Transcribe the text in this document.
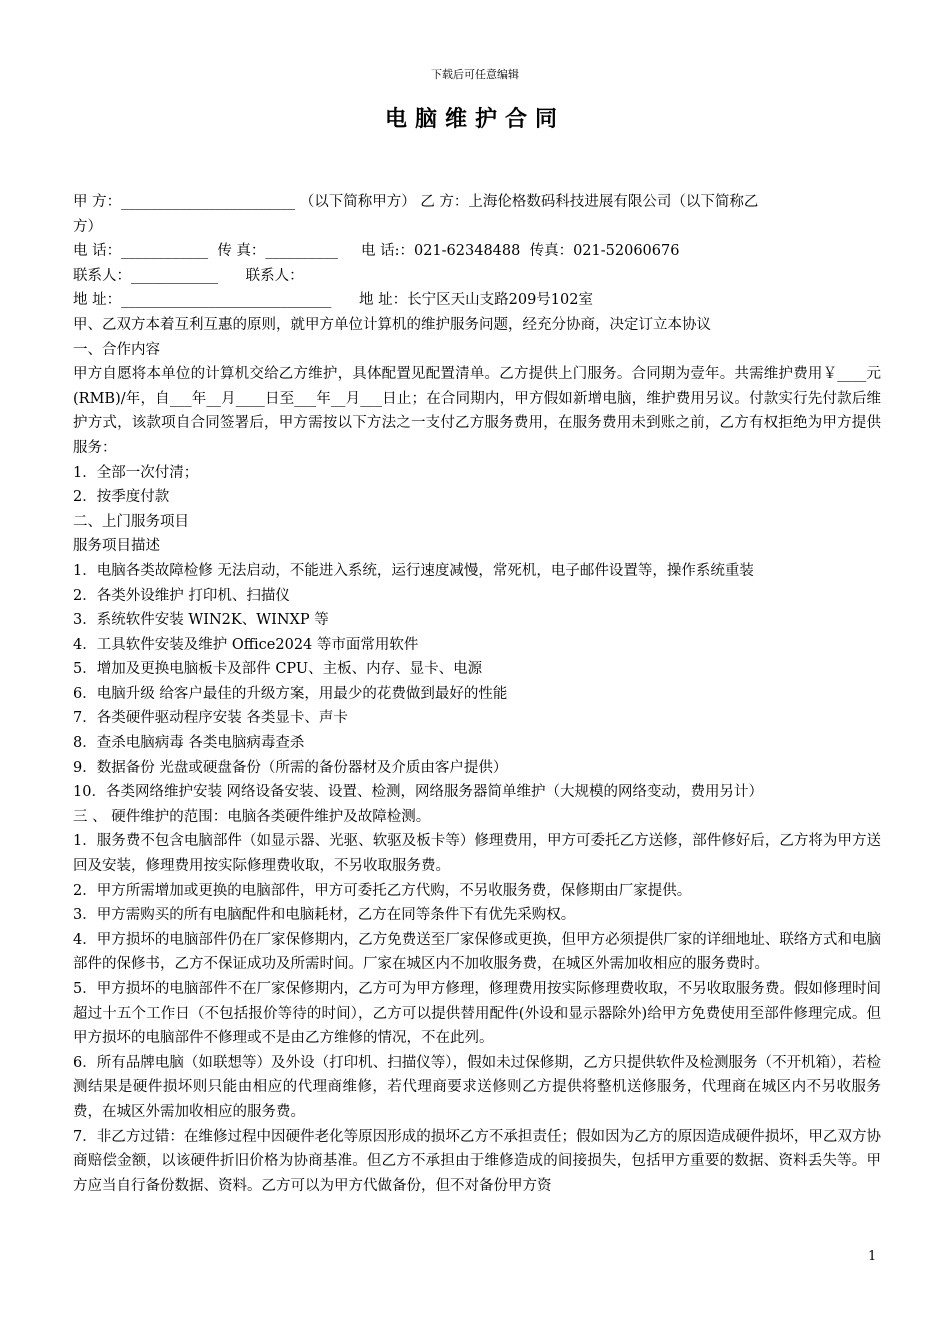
下载后可任意编辑
电脑维护合同
甲 方：________________________ （以下简称甲方） 乙 方：上海伦格数码科技进展有限公司（以下简称乙
方）
电 话：____________  传 真：__________     电 话:：021-62348488  传真：021-52060676
联系人：____________      联系人：
地 址：_____________________________      地 址：长宁区天山支路209号102室
甲、乙双方本着互利互惠的原则，就甲方单位计算机的维护服务问题，经充分协商，决定订立本协议
一、合作内容
甲方自愿将本单位的计算机交给乙方维护，具体配置见配置清单。乙方提供上门服务。合同期为壹年。共需维护费用￥____元(RMB)/年，自___年__月____日至___年__月___日止；在合同期内，甲方假如新增电脑，维护费用另议。付款实行先付款后维护方式，该款项自合同签署后，甲方需按以下方法之一支付乙方服务费用，在服务费用未到账之前，乙方有权拒绝为甲方提供服务：
1．全部一次付清；
2．按季度付款
二、上门服务项目
服务项目描述
1．电脑各类故障检修 无法启动，不能进入系统，运行速度减慢，常死机，电子邮件设置等，操作系统重装
2．各类外设维护 打印机、扫描仪
3．系统软件安装 WIN2K、WINXP 等
4．工具软件安装及维护 Office2024 等市面常用软件
5．增加及更换电脑板卡及部件 CPU、主板、内存、显卡、电源
6．电脑升级 给客户最佳的升级方案，用最少的花费做到最好的性能
7．各类硬件驱动程序安装 各类显卡、声卡
8．查杀电脑病毒 各类电脑病毒查杀
9．数据备份 光盘或硬盘备份（所需的备份器材及介质由客户提供）
10．各类网络维护安装 网络设备安装、设置、检测，网络服务器简单维护（大规模的网络变动，费用另计）
三 、 硬件维护的范围：电脑各类硬件维护及故障检测。
1．服务费不包含电脑部件（如显示器、光驱、软驱及板卡等）修理费用，甲方可委托乙方送修，部件修好后，乙方将为甲方送回及安装，修理费用按实际修理费收取，不另收取服务费。
2．甲方所需增加或更换的电脑部件，甲方可委托乙方代购，不另收服务费，保修期由厂家提供。
3．甲方需购买的所有电脑配件和电脑耗材，乙方在同等条件下有优先采购权。
4．甲方损坏的电脑部件仍在厂家保修期内，乙方免费送至厂家保修或更换，但甲方必须提供厂家的详细地址、联络方式和电脑部件的保修书，乙方不保证成功及所需时间。厂家在城区内不加收服务费，在城区外需加收相应的服务费时。
5．甲方损坏的电脑部件不在厂家保修期内，乙方可为甲方修理，修理费用按实际修理费收取，不另收取服务费。假如修理时间超过十五个工作日（不包括报价等待的时间），乙方可以提供替用配件(外设和显示器除外)给甲方免费使用至部件修理完成。但甲方损坏的电脑部件不修理或不是由乙方维修的情况，不在此列。
6．所有品牌电脑（如联想等）及外设（打印机、扫描仪等），假如未过保修期，乙方只提供软件及检测服务（不开机箱），若检测结果是硬件损坏则只能由相应的代理商维修，若代理商要求送修则乙方提供将整机送修服务，代理商在城区内不另收服务费，在城区外需加收相应的服务费。
7．非乙方过错：在维修过程中因硬件老化等原因形成的损坏乙方不承担责任；假如因为乙方的原因造成硬件损坏，甲乙双方协商赔偿金额，以该硬件折旧价格为协商基准。但乙方不承担由于维修造成的间接损失，包括甲方重要的数据、资料丢失等。甲方应当自行备份数据、资料。乙方可以为甲方代做备份，但不对备份甲方资
1
